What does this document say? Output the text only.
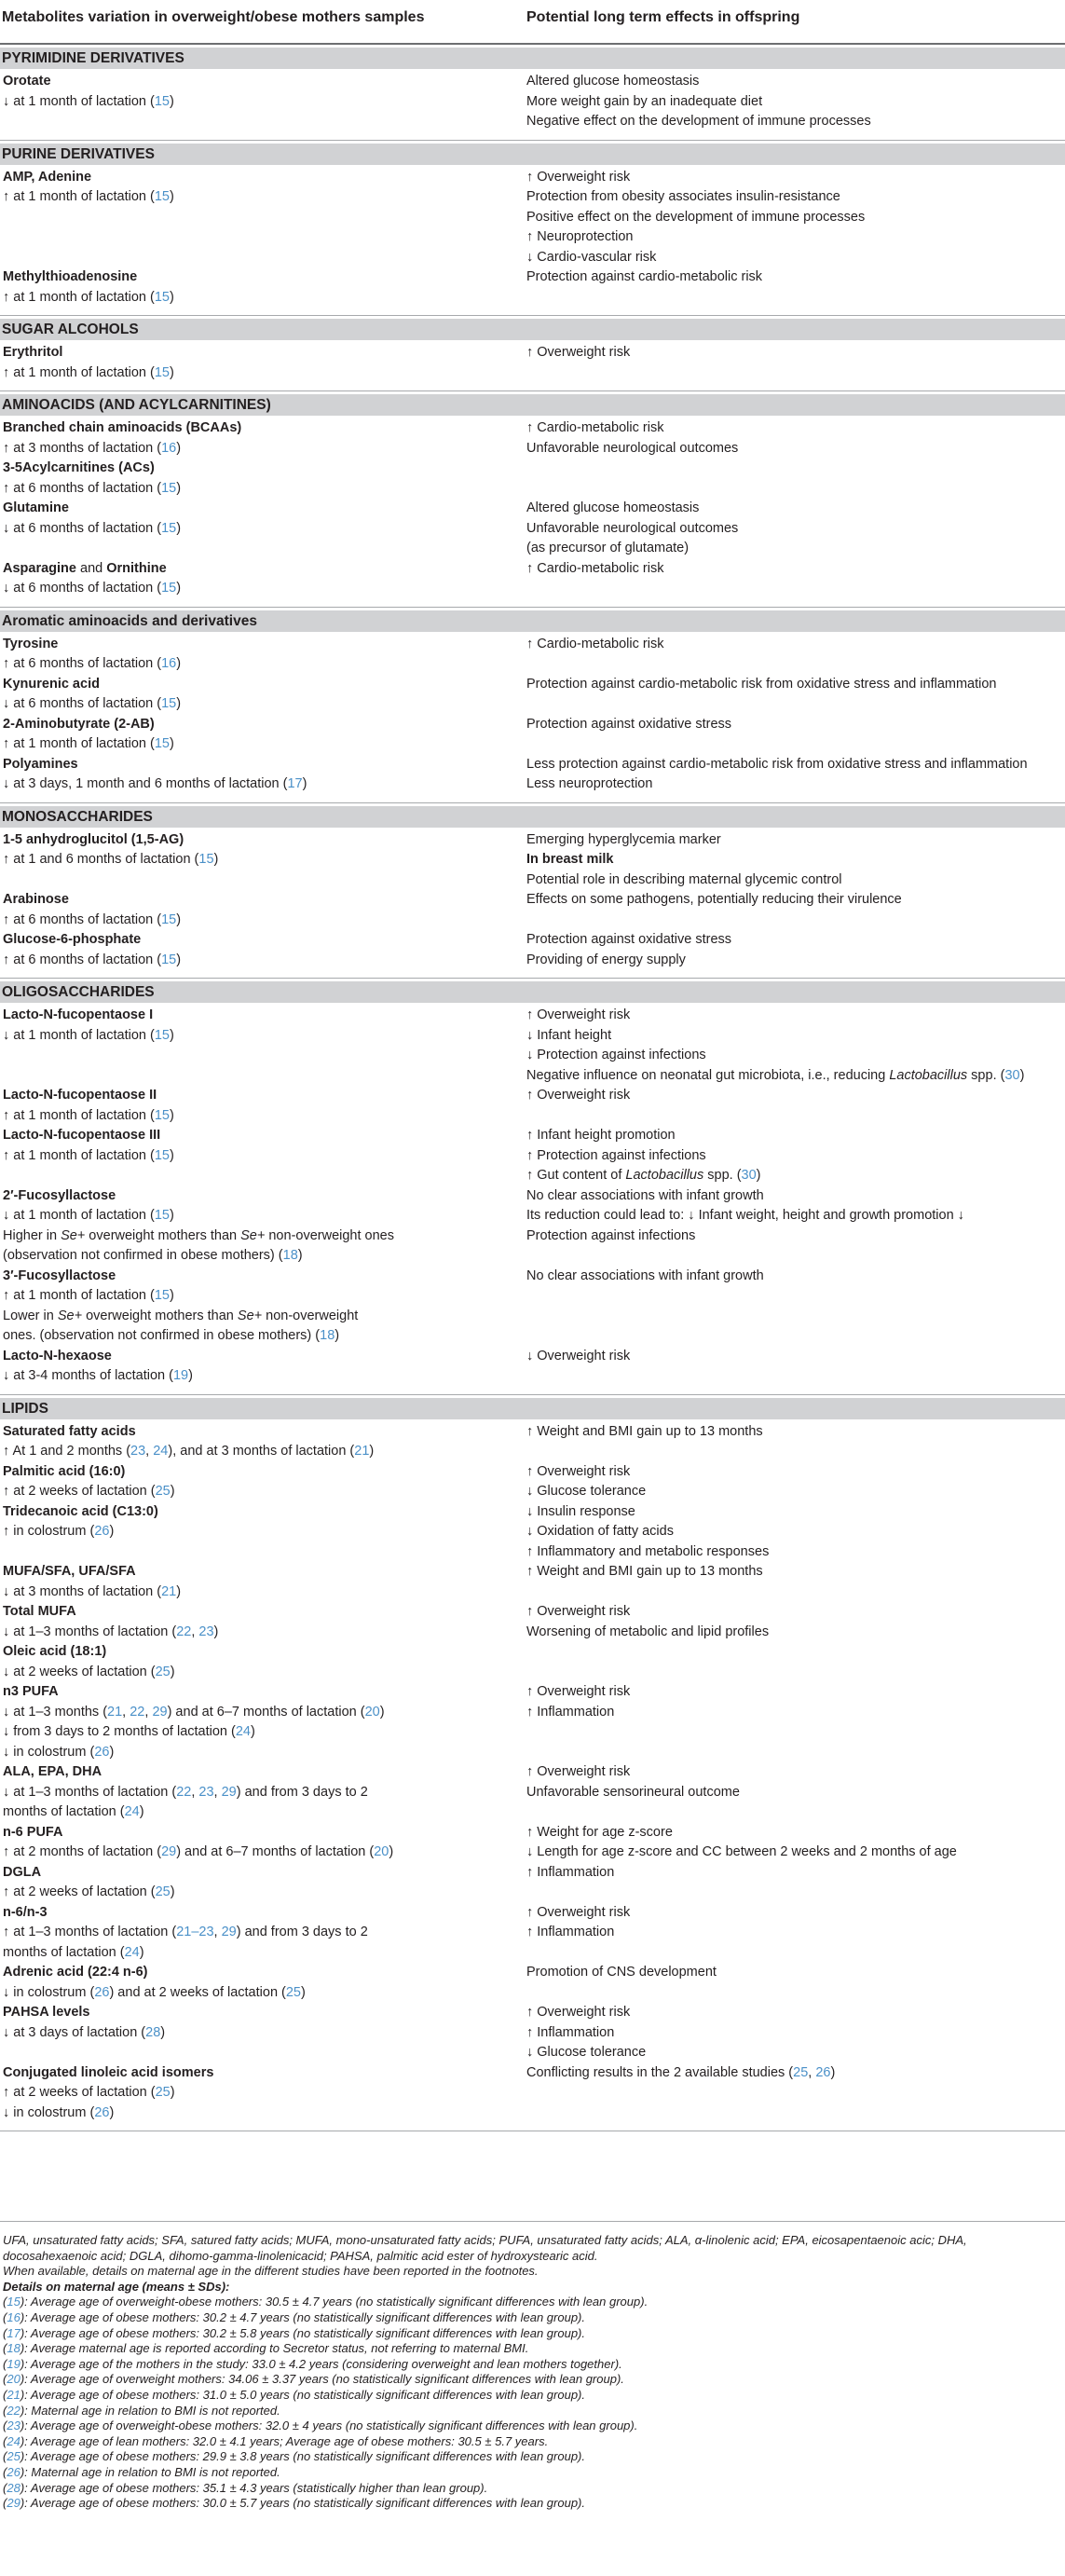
Metabolites variation in overweight/obese mothers samples	Potential long term effects in offspring
PYRIMIDINE DERIVATIVES
Orotate
↓ at 1 month of lactation (15)
Altered glucose homeostasis
More weight gain by an inadequate diet
Negative effect on the development of immune processes
PURINE DERIVATIVES
AMP, Adenine
↑ at 1 month of lactation (15)
↑ Overweight risk
Protection from obesity associates insulin-resistance
Positive effect on the development of immune processes
↑ Neuroprotection
↓ Cardio-vascular risk
Methylthioadenosine
↑ at 1 month of lactation (15)
Protection against cardio-metabolic risk
SUGAR ALCOHOLS
Erythritol
↑ at 1 month of lactation (15)
↑ Overweight risk
AMINOACIDS (AND ACYLCARNITINES)
Branched chain aminoacids (BCAAs)
↑ at 3 months of lactation (16)
3-5Acylcarnitines (ACs)
↑ at 6 months of lactation (15)
↑ Cardio-metabolic risk
Unfavorable neurological outcomes
Glutamine
↓ at 6 months of lactation (15)
Altered glucose homeostasis
Unfavorable neurological outcomes
(as precursor of glutamate)
Asparagine and Ornithine
↓ at 6 months of lactation (15)
↑ Cardio-metabolic risk
Aromatic aminoacids and derivatives
Tyrosine
↑ at 6 months of lactation (16)
↑ Cardio-metabolic risk
Kynurenic acid
↓ at 6 months of lactation (15)
Protection against cardio-metabolic risk from oxidative stress and inflammation
2-Aminobutyrate (2-AB)
↑ at 1 month of lactation (15)
Protection against oxidative stress
Polyamines
↓ at 3 days, 1 month and 6 months of lactation (17)
Less protection against cardio-metabolic risk from oxidative stress and inflammation
Less neuroprotection
MONOSACCHARIDES
1-5 anhydroglucitol (1,5-AG)
↑ at 1 and 6 months of lactation (15)
Emerging hyperglycemia marker
In breast milk
Potential role in describing maternal glycemic control
Arabinose
↑ at 6 months of lactation (15)
Effects on some pathogens, potentially reducing their virulence
Glucose-6-phosphate
↑ at 6 months of lactation (15)
Protection against oxidative stress
Providing of energy supply
OLIGOSACCHARIDES
Lacto-N-fucopentaose I
↓ at 1 month of lactation (15)
↑ Overweight risk
↓ Infant height
↓ Protection against infections
Negative influence on neonatal gut microbiota, i.e., reducing Lactobacillus spp. (30)
Lacto-N-fucopentaose II
↑ at 1 month of lactation (15)
↑ Overweight risk
Lacto-N-fucopentaose III
↑ at 1 month of lactation (15)
↑ Infant height promotion
↑ Protection against infections
↑ Gut content of Lactobacillus spp. (30)
2′-Fucosyllactose
↓ at 1 month of lactation (15)
Higher in Se+ overweight mothers than Se+ non-overweight ones
(observation not confirmed in obese mothers) (18)
No clear associations with infant growth
Its reduction could lead to: ↓ Infant weight, height and growth promotion ↓
Protection against infections
3′-Fucosyllactose
↑ at 1 month of lactation (15)
Lower in Se+ overweight mothers than Se+ non-overweight
ones. (observation not confirmed in obese mothers) (18)
No clear associations with infant growth
Lacto-N-hexaose
↓ at 3-4 months of lactation (19)
↓ Overweight risk
LIPIDS
Saturated fatty acids
↑ At 1 and 2 months (23, 24), and at 3 months of lactation (21)
↑ Weight and BMI gain up to 13 months
Palmitic acid (16:0)
↑ at 2 weeks of lactation (25)
Tridecanoic acid (C13:0)
↑ in colostrum (26)
↑ Overweight risk
↓ Glucose tolerance
↓ Insulin response
↓ Oxidation of fatty acids
↑ Inflammatory and metabolic responses
MUFA/SFA, UFA/SFA
↓ at 3 months of lactation (21)
↑ Weight and BMI gain up to 13 months
Total MUFA
↓ at 1–3 months of lactation (22, 23)
Oleic acid (18:1)
↓ at 2 weeks of lactation (25)
↑ Overweight risk
Worsening of metabolic and lipid profiles
n3 PUFA
↓ at 1–3 months (21, 22, 29) and at 6–7 months of lactation (20)
↓ from 3 days to 2 months of lactation (24)
↓ in colostrum (26)
↑ Overweight risk
↑ Inflammation
ALA, EPA, DHA
↓ at 1–3 months of lactation (22, 23, 29) and from 3 days to 2
months of lactation (24)
↑ Overweight risk
Unfavorable sensorineural outcome
n-6 PUFA
↑ at 2 months of lactation (29) and at 6–7 months of lactation (20)
DGLA
↑ at 2 weeks of lactation (25)
↑ Weight for age z-score
↓ Length for age z-score and CC between 2 weeks and 2 months of age
↑ Inflammation
n-6/n-3
↑ at 1–3 months of lactation (21–23, 29) and from 3 days to 2
months of lactation (24)
↑ Overweight risk
↑ Inflammation
Adrenic acid (22:4 n-6)
↓ in colostrum (26) and at 2 weeks of lactation (25)
Promotion of CNS development
PAHSA levels
↓ at 3 days of lactation (28)
↑ Overweight risk
↑ Inflammation
↓ Glucose tolerance
Conjugated linoleic acid isomers
↑ at 2 weeks of lactation (25)
↓ in colostrum (26)
Conflicting results in the 2 available studies (25, 26)
UFA, unsaturated fatty acids; SFA, satured fatty acids; MUFA, mono-unsaturated fatty acids; PUFA, unsaturated fatty acids; ALA, α-linolenic acid; EPA, eicosapentaenoic acic; DHA,
docosahexaenoic acid; DGLA, dihomo-gamma-linolenicacid; PAHSA, palmitic acid ester of hydroxystearic acid.
When available, details on maternal age in the different studies have been reported in the footnotes.
Details on maternal age (means ± SDs):
(15): Average age of overweight-obese mothers: 30.5 ± 4.7 years (no statistically significant differences with lean group).
(16): Average age of obese mothers: 30.2 ± 4.7 years (no statistically significant differences with lean group).
(17): Average age of obese mothers: 30.2 ± 5.8 years (no statistically significant differences with lean group).
(18): Average maternal age is reported according to Secretor status, not referring to maternal BMI.
(19): Average age of the mothers in the study: 33.0 ± 4.2 years (considering overweight and lean mothers together).
(20): Average age of overweight mothers: 34.06 ± 3.37 years (no statistically significant differences with lean group).
(21): Average age of obese mothers: 31.0 ± 5.0 years (no statistically significant differences with lean group).
(22): Maternal age in relation to BMI is not reported.
(23): Average age of overweight-obese mothers: 32.0 ± 4 years (no statistically significant differences with lean group).
(24): Average age of lean mothers: 32.0 ± 4.1 years; Average age of obese mothers: 30.5 ± 5.7 years.
(25): Average age of obese mothers: 29.9 ± 3.8 years (no statistically significant differences with lean group).
(26): Maternal age in relation to BMI is not reported.
(28): Average age of obese mothers: 35.1 ± 4.3 years (statistically higher than lean group).
(29): Average age of obese mothers: 30.0 ± 5.7 years (no statistically significant differences with lean group).
